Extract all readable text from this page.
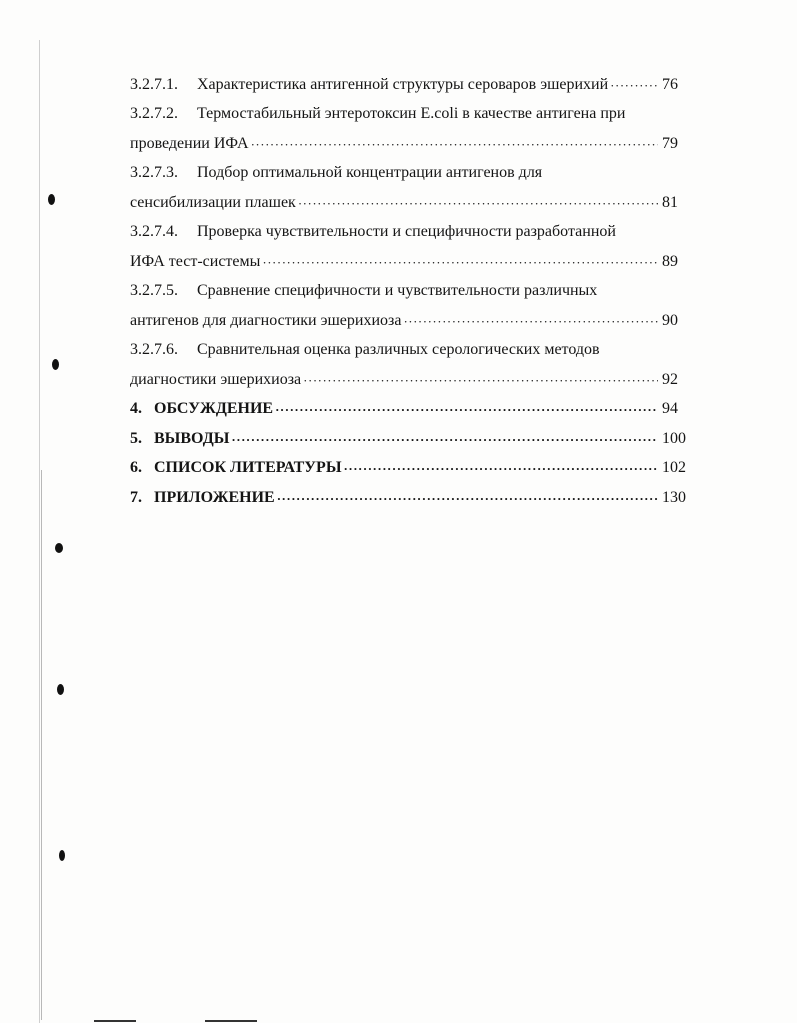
3.2.7.1. Характеристика антигенной структуры сероваров эшерихий ·····	76
3.2.7.2. Термостабильный энтеротоксин E.coli в качестве антигена при
проведении ИФА ·····	79
3.2.7.3. Подбор оптимальной концентрации антигенов для
сенсибилизации плашек ·····	81
3.2.7.4. Проверка чувствительности и специфичности разработанной
ИФА тест-системы ·····	89
3.2.7.5. Сравнение специфичности и чувствительности различных
антигенов для диагностики эшерихиоза ·····	90
3.2.7.6. Сравнительная оценка различных серологических методов
диагностики эшерихиоза ·····	92
4. ОБСУЖДЕНИЕ ·····	94
5. ВЫВОДЫ ·····	100
6. СПИСОК ЛИТЕРАТУРЫ ·····	102
7. ПРИЛОЖЕНИЕ ·····	130
